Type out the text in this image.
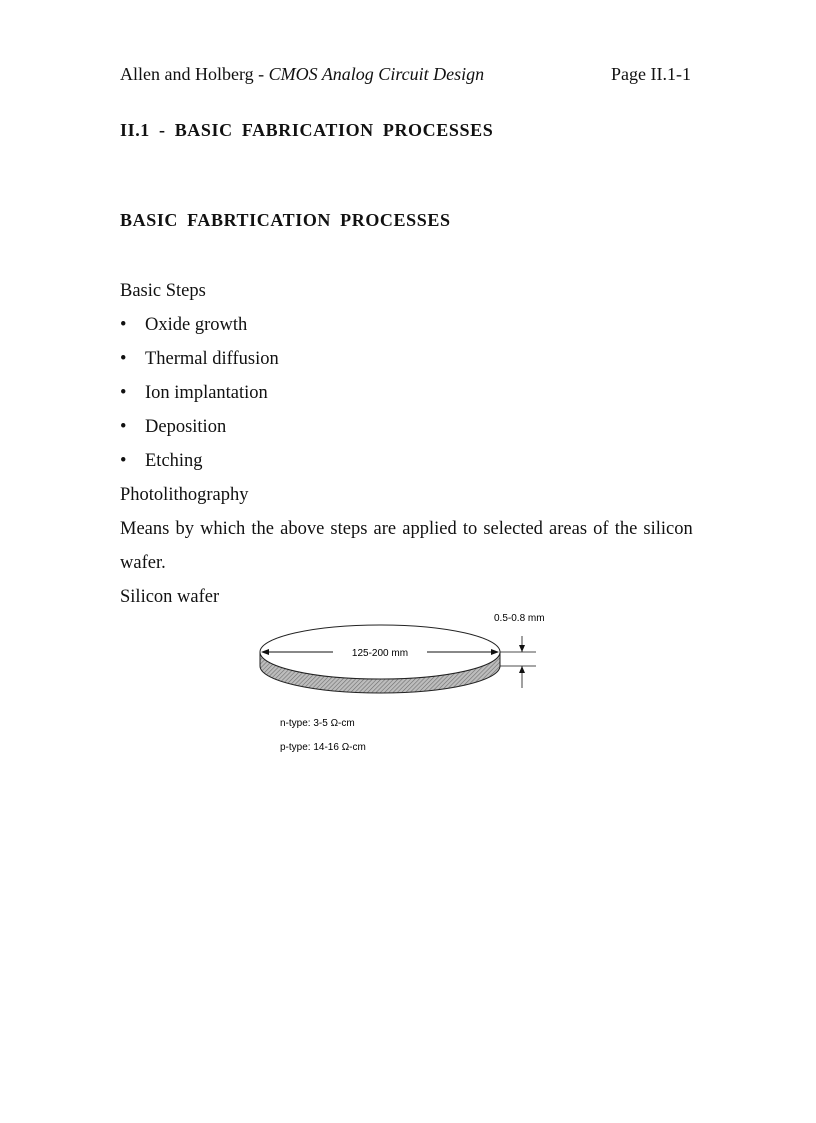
Allen and Holberg - CMOS Analog Circuit Design	Page II.1-1
II.1 - BASIC FABRICATION PROCESSES
BASIC FABRTICATION PROCESSES
Basic Steps
• Oxide growth
• Thermal diffusion
• Ion implantation
• Deposition
• Etching
Photolithography
Means by which the above steps are applied to selected areas of the silicon
wafer.
Silicon wafer
125-200 mm
0.5-0.8 mm
n-type: 3-5 Ω-cm
p-type: 14-16 Ω-cm
